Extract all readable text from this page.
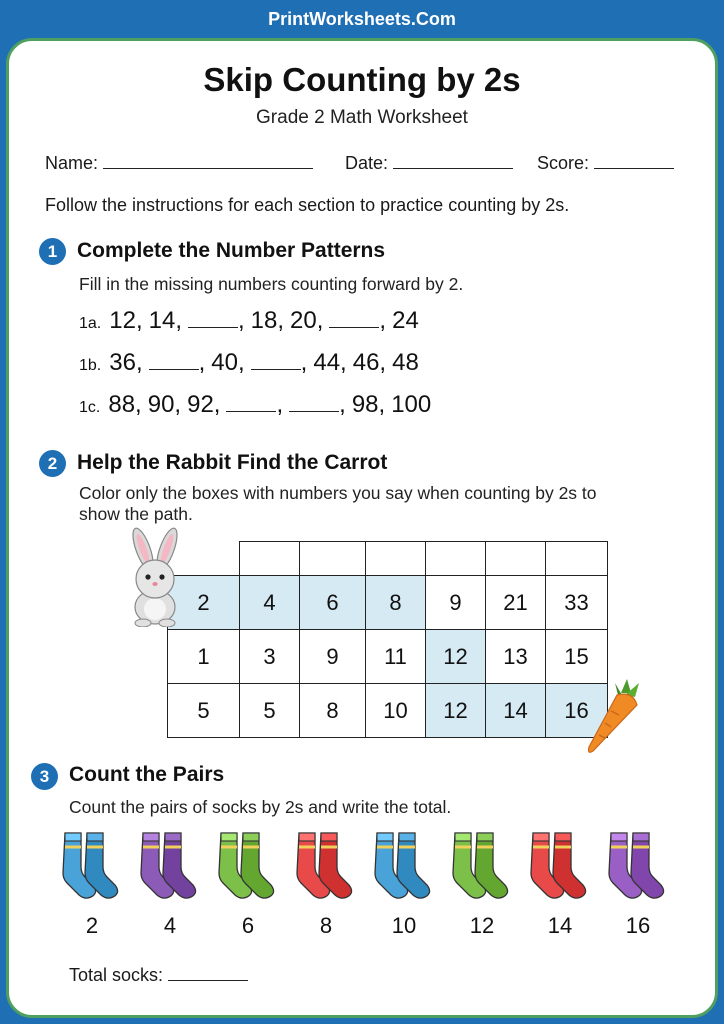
PrintWorksheets.Com
Skip Counting by 2s
Grade 2 Math Worksheet
Name:	Date:	Score:
Follow the instructions for each section to practice counting by 2s.
1 Complete the Number Patterns
Fill in the missing numbers counting forward by 2.
1a. 12, 14, , 18, 20, , 24
1b. 36, , 40, , 44, 46, 48
1c. 88, 90, 92, , , 98, 100
2 Help the Rabbit Find the Carrot
Color only the boxes with numbers you say when counting by 2s to
show the path.

2	4	6	8	9	21	33
1	3	9	11	12	13	15
5	5	8	10	12	14	16
3 Count the Pairs
Count the pairs of socks by 2s and write the total.
2	4	6	8	10	12	14	16
Total socks:
